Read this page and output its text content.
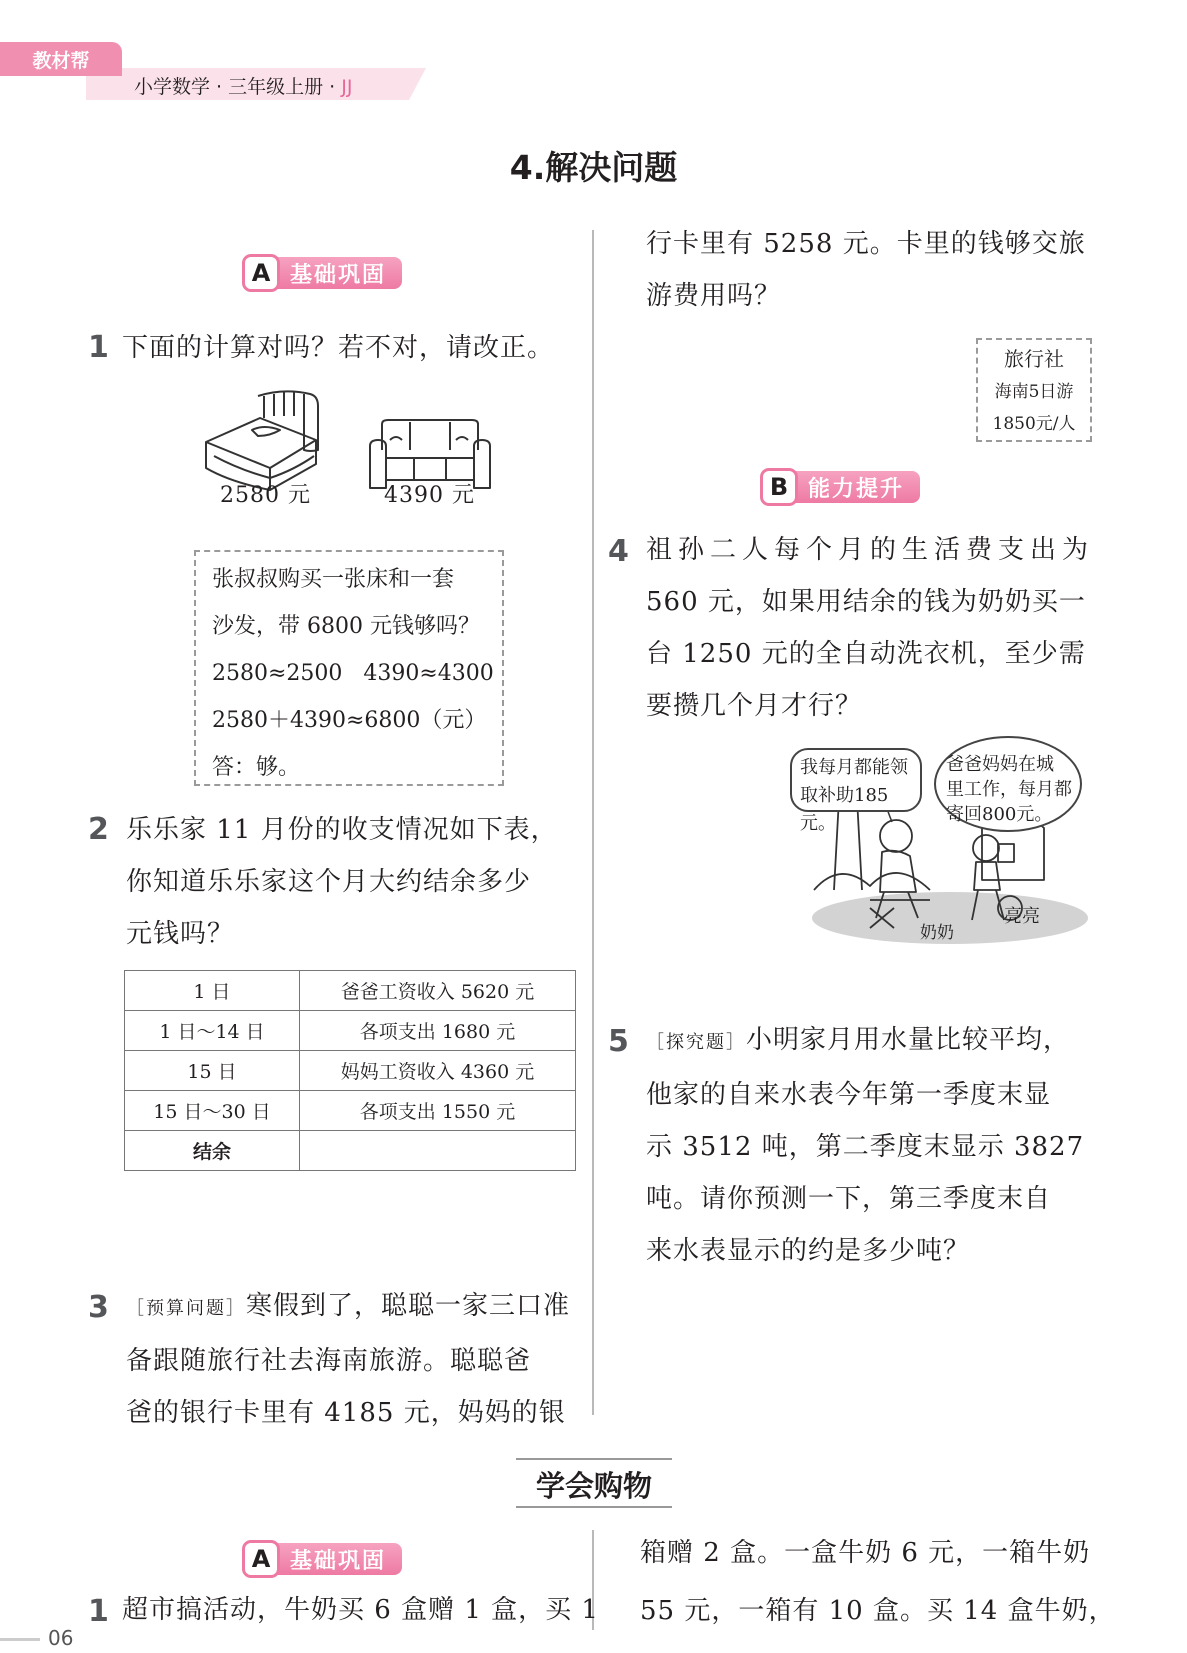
教材帮
小学数学 · 三年级上册 · JJ
4.解决问题
A 基础巩固
1 下面的计算对吗？若不对，请改正。
2580 元	4390 元
张叔叔购买一张床和一套
沙发，带 6800 元钱够吗？
2580≈2500   4390≈4300
2580＋4390≈6800（元）
答：够。
2 乐乐家 11 月份的收支情况如下表，
你知道乐乐家这个月大约结余多少
元钱吗？
1 日	爸爸工资收入 5620 元
1 日～14 日	各项支出 1680 元
15 日	妈妈工资收入 4360 元
15 日～30 日	各项支出 1550 元
结余	
3 ［预算问题］寒假到了，聪聪一家三口准
备跟随旅行社去海南旅游。聪聪爸
爸的银行卡里有 4185 元，妈妈的银
行卡里有 5258 元。卡里的钱够交旅
游费用吗？
旅行社
海南5日游
1850元/人
B 能力提升
4 祖孙二人每个月的生活费支出为
560 元，如果用结余的钱为奶奶买一
台 1250 元的全自动洗衣机，至少需
要攒几个月才行？
我每月都能领
取补助185元。
爸爸妈妈在城
里工作，每月都
寄回800元。
奶奶
亮亮
5 ［探究题］小明家月用水量比较平均，
他家的自来水表今年第一季度末显
示 3512 吨，第二季度末显示 3827
吨。请你预测一下，第三季度末自
来水表显示的约是多少吨？
学会购物
A 基础巩固
1 超市搞活动，牛奶买 6 盒赠 1 盒，买 1
箱赠 2 盒。一盒牛奶 6 元，一箱牛奶
55 元，一箱有 10 盒。买 14 盒牛奶，
06
